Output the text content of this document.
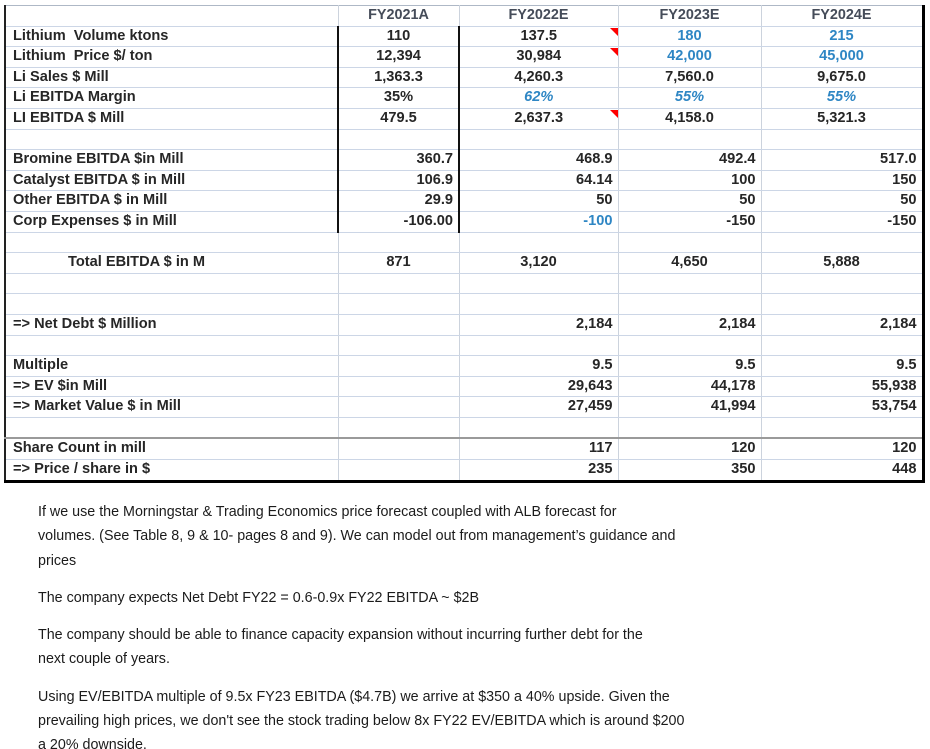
	FY2021A	FY2022E	FY2023E	FY2024E
Lithium  Volume ktons	110	137.5	180	215
Lithium  Price $/ ton	12,394	30,984	42,000	45,000
Li Sales $ Mill	1,363.3	4,260.3	7,560.0	9,675.0
Li EBITDA Margin	35%	62%	55%	55%
LI EBITDA $ Mill	479.5	2,637.3	4,158.0	5,321.3

Bromine EBITDA $in Mill	360.7	468.9	492.4	517.0
Catalyst EBITDA $ in Mill	106.9	64.14	100	150
Other EBITDA $ in Mill	29.9	50	50	50
Corp Expenses $ in Mill	-106.00	-100	-150	-150

Total EBITDA $ in M	871	3,120	4,650	5,888

=> Net Debt $ Million		2,184	2,184	2,184

Multiple		9.5	9.5	9.5
=> EV $in Mill		29,643	44,178	55,938
=> Market Value $ in Mill		27,459	41,994	53,754

Share Count in mill		117	120	120
=> Price / share in $		235	350	448

If we use the Morningstar & Trading Economics price forecast coupled with ALB forecast for
volumes. (See Table 8, 9 & 10- pages 8 and 9). We can model out from management’s guidance and
prices

The company expects Net Debt FY22 = 0.6-0.9x FY22 EBITDA ~ $2B

The company should be able to finance capacity expansion without incurring further debt for the
next couple of years.

Using EV/EBITDA multiple of 9.5x FY23 EBITDA ($4.7B) we arrive at $350 a 40% upside. Given the
prevailing high prices, we don't see the stock trading below 8x FY22 EV/EBITDA which is around $200
a 20% downside.
